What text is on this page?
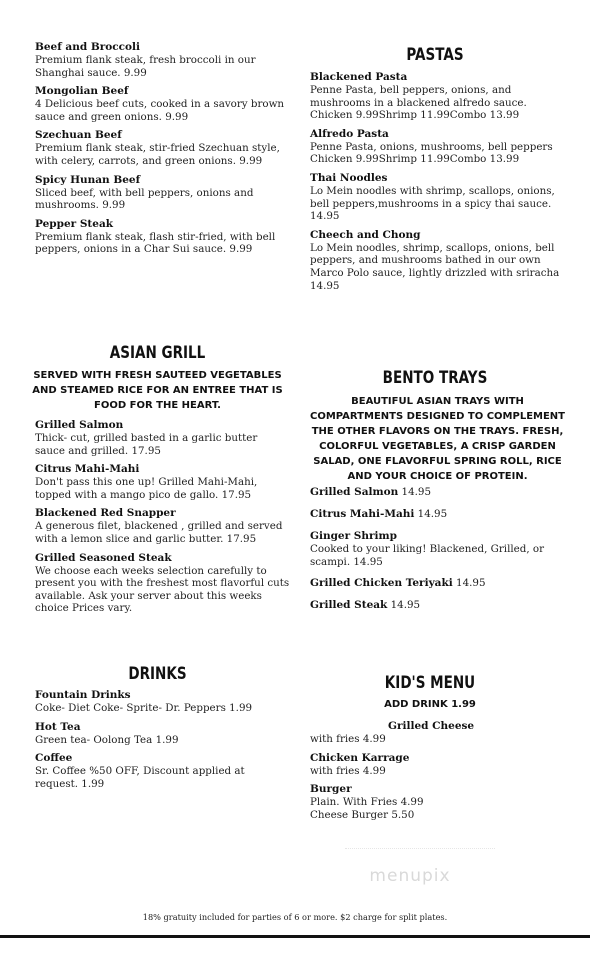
Beef and Broccoli
Premium flank steak, fresh broccoli in our Shanghai sauce. 9.99
Mongolian Beef
4 Delicious beef cuts, cooked in a savory brown sauce and green onions. 9.99
Szechuan Beef
Premium flank steak, stir-fried Szechuan style, with celery, carrots, and green onions. 9.99
Spicy Hunan Beef
Sliced beef, with bell peppers, onions and mushrooms. 9.99
Pepper Steak
Premium flank steak, flash stir-fried, with bell peppers, onions in a Char Sui sauce. 9.99
PASTAS
Blackened Pasta
Penne Pasta, bell peppers, onions, and mushrooms in a blackened alfredo sauce. Chicken 9.99Shrimp 11.99Combo 13.99
Alfredo Pasta
Penne Pasta, onions, mushrooms, bell peppers Chicken 9.99Shrimp 11.99Combo 13.99
Thai Noodles
Lo Mein noodles with shrimp, scallops, onions, bell peppers,mushrooms in a spicy thai sauce. 14.95
Cheech and Chong
Lo Mein noodles, shrimp, scallops, onions, bell peppers, and mushrooms bathed in our own Marco Polo sauce, lightly drizzled with sriracha 14.95
ASIAN GRILL
SERVED WITH FRESH SAUTEED VEGETABLES AND STEAMED RICE FOR AN ENTREE THAT IS FOOD FOR THE HEART.
Grilled Salmon
Thick- cut, grilled basted in a garlic butter sauce and grilled. 17.95
Citrus Mahi-Mahi
Don't pass this one up! Grilled Mahi-Mahi, topped with a mango pico de gallo. 17.95
Blackened Red Snapper
A generous filet, blackened , grilled and served with a lemon slice and garlic butter. 17.95
Grilled Seasoned Steak
We choose each weeks selection carefully to present you with the freshest most flavorful cuts available. Ask your server about this weeks choice Prices vary.
BENTO TRAYS
BEAUTIFUL ASIAN TRAYS WITH COMPARTMENTS DESIGNED TO COMPLEMENT THE OTHER FLAVORS ON THE TRAYS. FRESH, COLORFUL VEGETABLES, A CRISP GARDEN SALAD, ONE FLAVORFUL SPRING ROLL, RICE AND YOUR CHOICE OF PROTEIN.
Grilled Salmon 14.95
Citrus Mahi-Mahi 14.95
Ginger Shrimp
Cooked to your liking! Blackened, Grilled, or scampi. 14.95
Grilled Chicken Teriyaki 14.95
Grilled Steak 14.95
DRINKS
Fountain Drinks
Coke- Diet Coke- Sprite- Dr. Peppers 1.99
Hot Tea
Green tea- Oolong Tea 1.99
Coffee
Sr. Coffee %50 OFF, Discount applied at request. 1.99
KID'S MENU
ADD DRINK 1.99
Grilled Cheese
with fries 4.99
Chicken Karrage
with fries 4.99
Burger
Plain. With Fries 4.99
Cheese Burger 5.50
menupix
18% gratuity included for parties of 6 or more. $2 charge for split plates.
